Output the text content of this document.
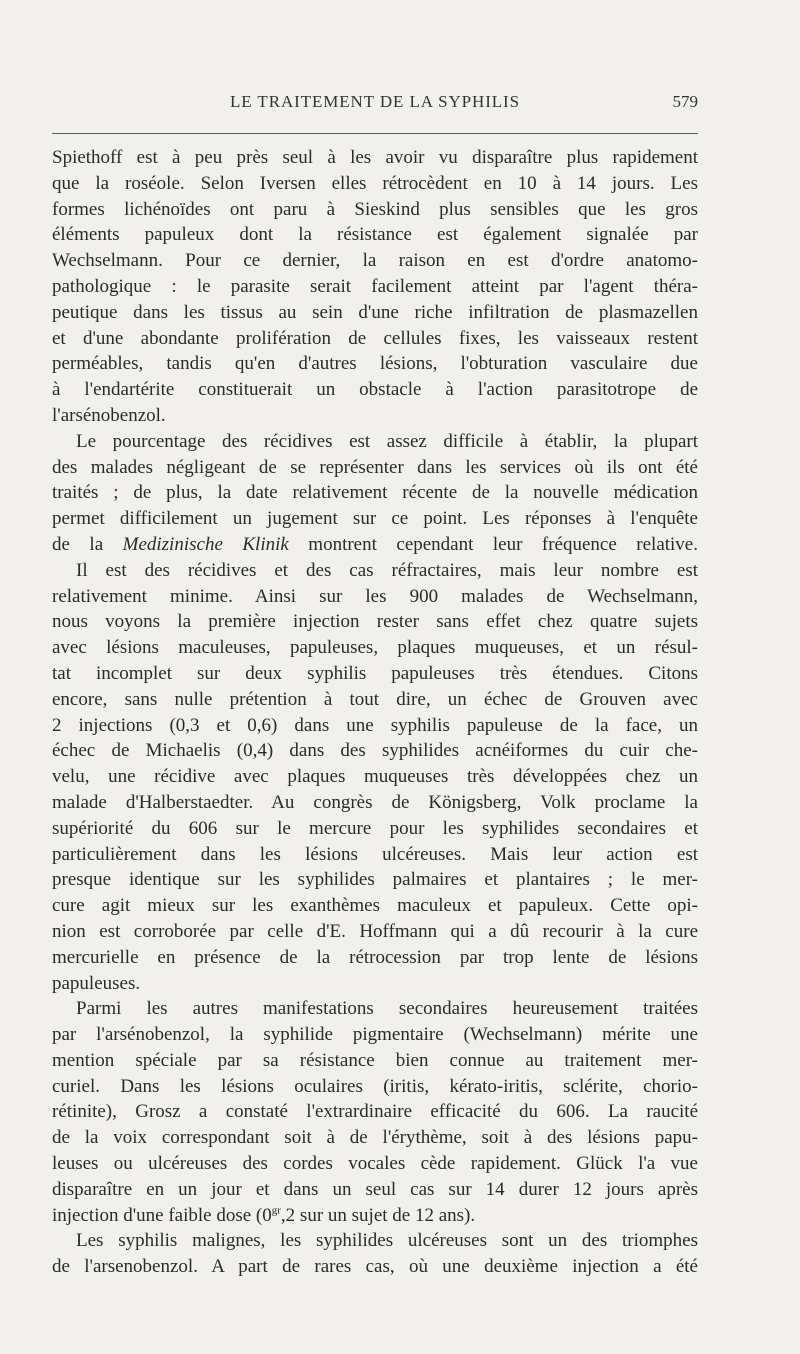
LE TRAITEMENT DE LA SYPHILIS	579
Spiethoff est à peu près seul à les avoir vu disparaître plus rapidement
que la roséole. Selon Iversen elles rétrocèdent en 10 à 14 jours. Les
formes lichénoïdes ont paru à Sieskind plus sensibles que les gros
éléments papuleux dont la résistance est également signalée par
Wechselmann. Pour ce dernier, la raison en est d'ordre anatomo-
pathologique : le parasite serait facilement atteint par l'agent théra-
peutique dans les tissus au sein d'une riche infiltration de plasmazellen
et d'une abondante prolifération de cellules fixes, les vaisseaux restent
perméables, tandis qu'en d'autres lésions, l'obturation vasculaire due
à l'endartérite constituerait un obstacle à l'action parasitotrope de
l'arsénobenzol.
Le pourcentage des récidives est assez difficile à établir, la plupart
des malades négligeant de se représenter dans les services où ils ont été
traités ; de plus, la date relativement récente de la nouvelle médication
permet difficilement un jugement sur ce point. Les réponses à l'enquête
de la Medizinische Klinik montrent cependant leur fréquence relative.
Il est des récidives et des cas réfractaires, mais leur nombre est
relativement minime. Ainsi sur les 900 malades de Wechselmann,
nous voyons la première injection rester sans effet chez quatre sujets
avec lésions maculeuses, papuleuses, plaques muqueuses, et un résul-
tat incomplet sur deux syphilis papuleuses très étendues. Citons
encore, sans nulle prétention à tout dire, un échec de Grouven avec
2 injections (0,3 et 0,6) dans une syphilis papuleuse de la face, un
échec de Michaelis (0,4) dans des syphilides acnéiformes du cuir che-
velu, une récidive avec plaques muqueuses très développées chez un
malade d'Halberstaedter. Au congrès de Königsberg, Volk proclame la
supériorité du 606 sur le mercure pour les syphilides secondaires et
particulièrement dans les lésions ulcéreuses. Mais leur action est
presque identique sur les syphilides palmaires et plantaires ; le mer-
cure agit mieux sur les exanthèmes maculeux et papuleux. Cette opi-
nion est corroborée par celle d'E. Hoffmann qui a dû recourir à la cure
mercurielle en présence de la rétrocession par trop lente de lésions
papuleuses.
Parmi les autres manifestations secondaires heureusement traitées
par l'arsénobenzol, la syphilide pigmentaire (Wechselmann) mérite une
mention spéciale par sa résistance bien connue au traitement mer-
curiel. Dans les lésions oculaires (iritis, kérato-iritis, sclérite, chorio-
rétinite), Grosz a constaté l'extrardinaire efficacité du 606. La raucité
de la voix correspondant soit à de l'érythème, soit à des lésions papu-
leuses ou ulcéreuses des cordes vocales cède rapidement. Glück l'a vue
disparaître en un jour et dans un seul cas sur 14 durer 12 jours après
injection d'une faible dose ($0^{gr},2$ sur un sujet de 12 ans).
Les syphilis malignes, les syphilides ulcéreuses sont un des triomphes
de l'arsenobenzol. A part de rares cas, où une deuxième injection a été
